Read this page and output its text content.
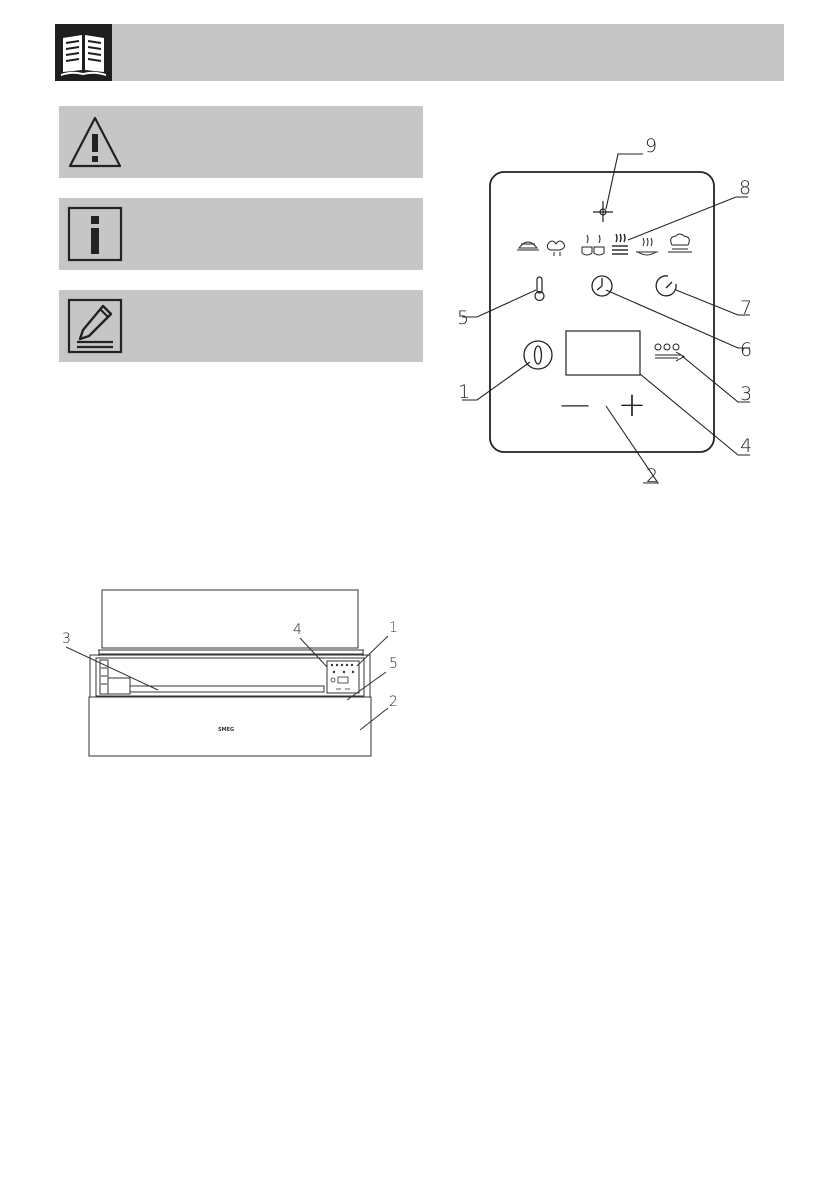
— +
9
8
5	7
6
1	3
4
2
SMEG
3
4	1
5
2
